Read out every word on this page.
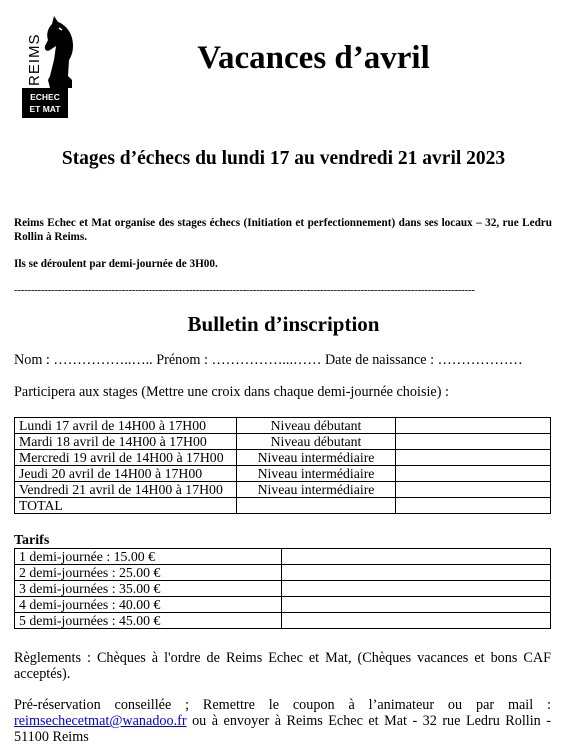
REIMS
ECHEC
ET MAT
Vacances d’avril
Stages d’échecs du lundi 17 au vendredi 21 avril 2023
Reims Echec et Mat organise des stages échecs (Initiation et perfectionnement) dans ses locaux – 32, rue Ledru Rollin à Reims.
Ils se déroulent par demi-journée de 3H00.
-----------------------------------------------------------------------------------------------------------------------------------------
Bulletin d’inscription
Nom : ……………..….. Prénom : ……………...…… Date de naissance : ………………
Participera aux stages (Mettre une croix dans chaque demi-journée choisie) :
Lundi 17 avril de 14H00 à 17H00	Niveau débutant	
Mardi 18 avril de 14H00 à 17H00	Niveau débutant	
Mercredi 19 avril de 14H00 à 17H00	Niveau intermédiaire	
Jeudi 20 avril de 14H00 à 17H00	Niveau intermédiaire	
Vendredi 21 avril de 14H00 à 17H00	Niveau intermédiaire	
TOTAL		
Tarifs
1 demi-journée : 15.00 €	
2 demi-journées : 25.00 €	
3 demi-journées : 35.00 €	
4 demi-journées : 40.00 €	
5 demi-journées : 45.00 €	
Règlements : Chèques à l'ordre de Reims Echec et Mat, (Chèques vacances et bons CAF acceptés).
Pré-réservation conseillée ; Remettre le coupon à l’animateur ou par mail : reimsechecetmat@wanadoo.fr ou à envoyer à Reims Echec et Mat - 32 rue Ledru Rollin - 51100 Reims
